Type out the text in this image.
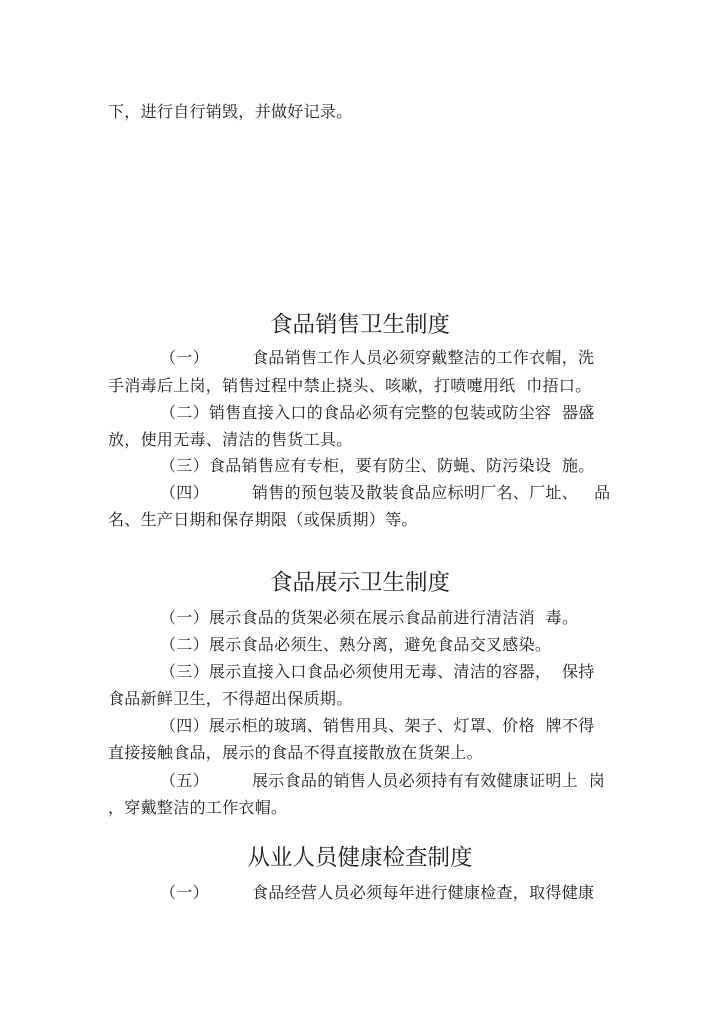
下，进行自行销毁，并做好记录。
食品销售卫生制度
（一）        食品销售工作人员必须穿戴整洁的工作衣帽，洗
手消毒后上岗，销售过程中禁止挠头、咳嗽，打喷嚏用纸  巾捂口。
（二）销售直接入口的食品必须有完整的包装或防尘容  器盛
放，使用无毒、清洁的售货工具。
（三）食品销售应有专柜，要有防尘、防蝇、防污染设  施。
（四）        销售的预包装及散装食品应标明厂名、厂址、   品
名、生产日期和保存期限（或保质期）等。
食品展示卫生制度
（一）展示食品的货架必须在展示食品前进行清洁消  毒。
（二）展示食品必须生、熟分离，避免食品交叉感染。
（三）展示直接入口食品必须使用无毒、清洁的容器，  保持
食品新鲜卫生，不得超出保质期。
（四）展示柜的玻璃、销售用具、架子、灯罩、价格  牌不得
直接接触食品，展示的食品不得直接散放在货架上。
（五）        展示食品的销售人员必须持有有效健康证明上  岗
，穿戴整洁的工作衣帽。
从业人员健康检查制度
（一）        食品经营人员必须每年进行健康检查，取得健康
